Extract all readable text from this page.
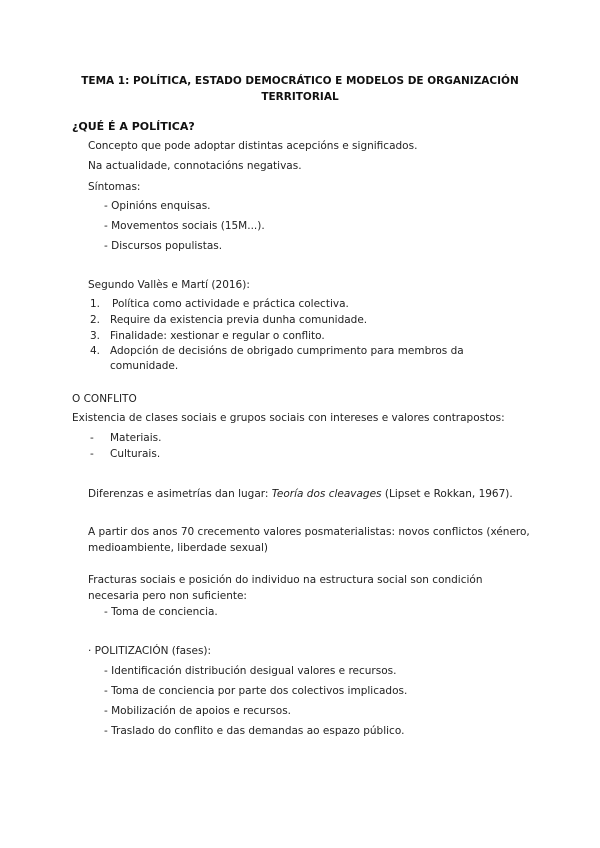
TEMA 1: POLÍTICA, ESTADO DEMOCRÁTICO E MODELOS DE ORGANIZACIÓN TERRITORIAL
¿QUÉ É A POLÍTICA?
Concepto que pode adoptar distintas acepcións e significados.
Na actualidade, connotacións negativas.
Síntomas:
- Opinións enquisas.
- Movementos sociais (15M...).
- Discursos populistas.
Segundo Vallès e Martí (2016):
1. Política como actividade e práctica colectiva.
2. Require da existencia previa dunha comunidade.
3. Finalidade: xestionar e regular o conflito.
4. Adopción de decisións de obrigado cumprimento para membros da
comunidade.
O CONFLITO
Existencia de clases sociais e grupos sociais con intereses e valores contrapostos:
- Materiais.
- Culturais.
Diferenzas e asimetrías dan lugar: Teoría dos cleavages (Lipset e Rokkan, 1967).
A partir dos anos 70 crecemento valores posmaterialistas: novos conflictos (xénero,
medioambiente, liberdade sexual)
Fracturas sociais e posición do individuo na estructura social son condición
necesaria pero non suficiente:
- Toma de conciencia.
· POLITIZACIÓN (fases):
- Identificación distribución desigual valores e recursos.
- Toma de conciencia por parte dos colectivos implicados.
- Mobilización de apoios e recursos.
- Traslado do conflito e das demandas ao espazo público.
